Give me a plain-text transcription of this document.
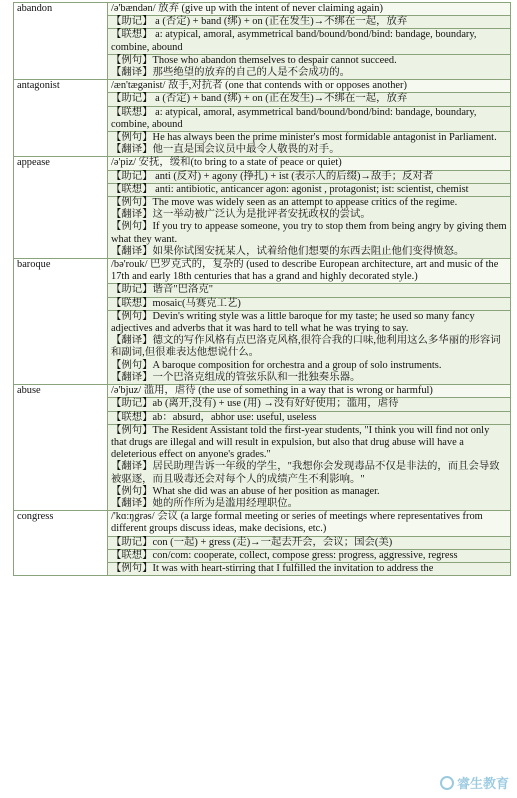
abandon	/ə'bændən/ 放弃 (give up with the intent of never claiming again)
	【助记】 a (否定) + band (绑) + on (正在发生)→不绑在一起，放弃
	【联想】 a: atypical, amoral, asymmetrical band/bound/bond/bind: bandage, boundary, combine, abound
	【例句】Those who abandon themselves to despair cannot succeed.
【翻译】那些绝望的放弃的自己的人是不会成功的。
antagonist	/æn'tægənist/ 敌手,对抗者 (one that contends with or opposes another)
	【助记】 a (否定) + band (绑) + on (正在发生)→不绑在一起，放弃
	【联想】 a: atypical, amoral, asymmetrical band/bound/bond/bind: bandage, boundary, combine, abound
	【例句】He has always been the prime minister's most formidable antagonist in Parliament.
【翻译】他一直是国会议员中最令人敬畏的对手。
appease	/ə'piz/ 安抚，缓和(to bring to a state of peace or quiet)
	【助记】 anti (反对) + agony (挣扎) + ist (表示人的后缀)→敌手；反对者
	【联想】 anti: antibiotic, anticancer agon: agonist , protagonist; ist: scientist, chemist
	【例句】The move was widely seen as an attempt to appease critics of the regime.
【翻译】这一举动被广泛认为是批评者安抚政权的尝试。
【例句】If you try to appease someone, you try to stop them from being angry by giving them what they want.
【翻译】如果你试图安抚某人，试着给他们想要的东西去阻止他们变得愤怒。
baroque	/bə'rouk/ 巴罗克式的，复杂的 (used to describe European architecture, art and music of the 17th and early 18th centuries that has a grand and highly decorated style.)
	【助记】谐音"巴洛克"
	【联想】mosaic(马赛克工艺)
	【例句】Devin's writing style was a little baroque for my taste; he used so many fancy adjectives and adverbs that it was hard to tell what he was trying to say.
【翻译】德文的写作风格有点巴洛克风格,很符合我的口味,他利用这么多华丽的形容词和副词,但很难表达他想说什么。
【例句】A baroque composition for orchestra and a group of solo instruments.
【翻译】一个巴洛克组成的管弦乐队和一批独奏乐器。
abuse	/ə'bjuz/ 滥用，虐待 (the use of something in a way that is wrong or harmful)
	【助记】ab (离开,没有) + use (用) →没有好好使用；滥用，虐待
	【联想】ab：absurd，abhor use: useful, useless
	【例句】The Resident Assistant told the first-year students, "I think you will find not only that drugs are illegal and will result in expulsion, but also that drug abuse will have a deleterious effect on anyone's grades."
【翻译】居民助理告诉一年级的学生，"我想你会发现毒品不仅是非法的，而且会导致被驱逐，而且吸毒还会对每个人的成绩产生不利影响。"
【例句】What she did was an abuse of her position as manager.
【翻译】她的所作所为是滥用经理职位。
congress	/'kɑːŋgrəs/ 会议 (a large formal meeting or series of meetings where representatives from different groups discuss ideas, make decisions, etc.)
	【助记】con (一起) + gress (走)→一起去开会，会议；国会(美)
	【联想】con/com: cooperate, collect, compose gress: progress, aggressive, regress
	【例句】It was with heart-stirring that I fulfilled the invitation to address the
睿生教育
